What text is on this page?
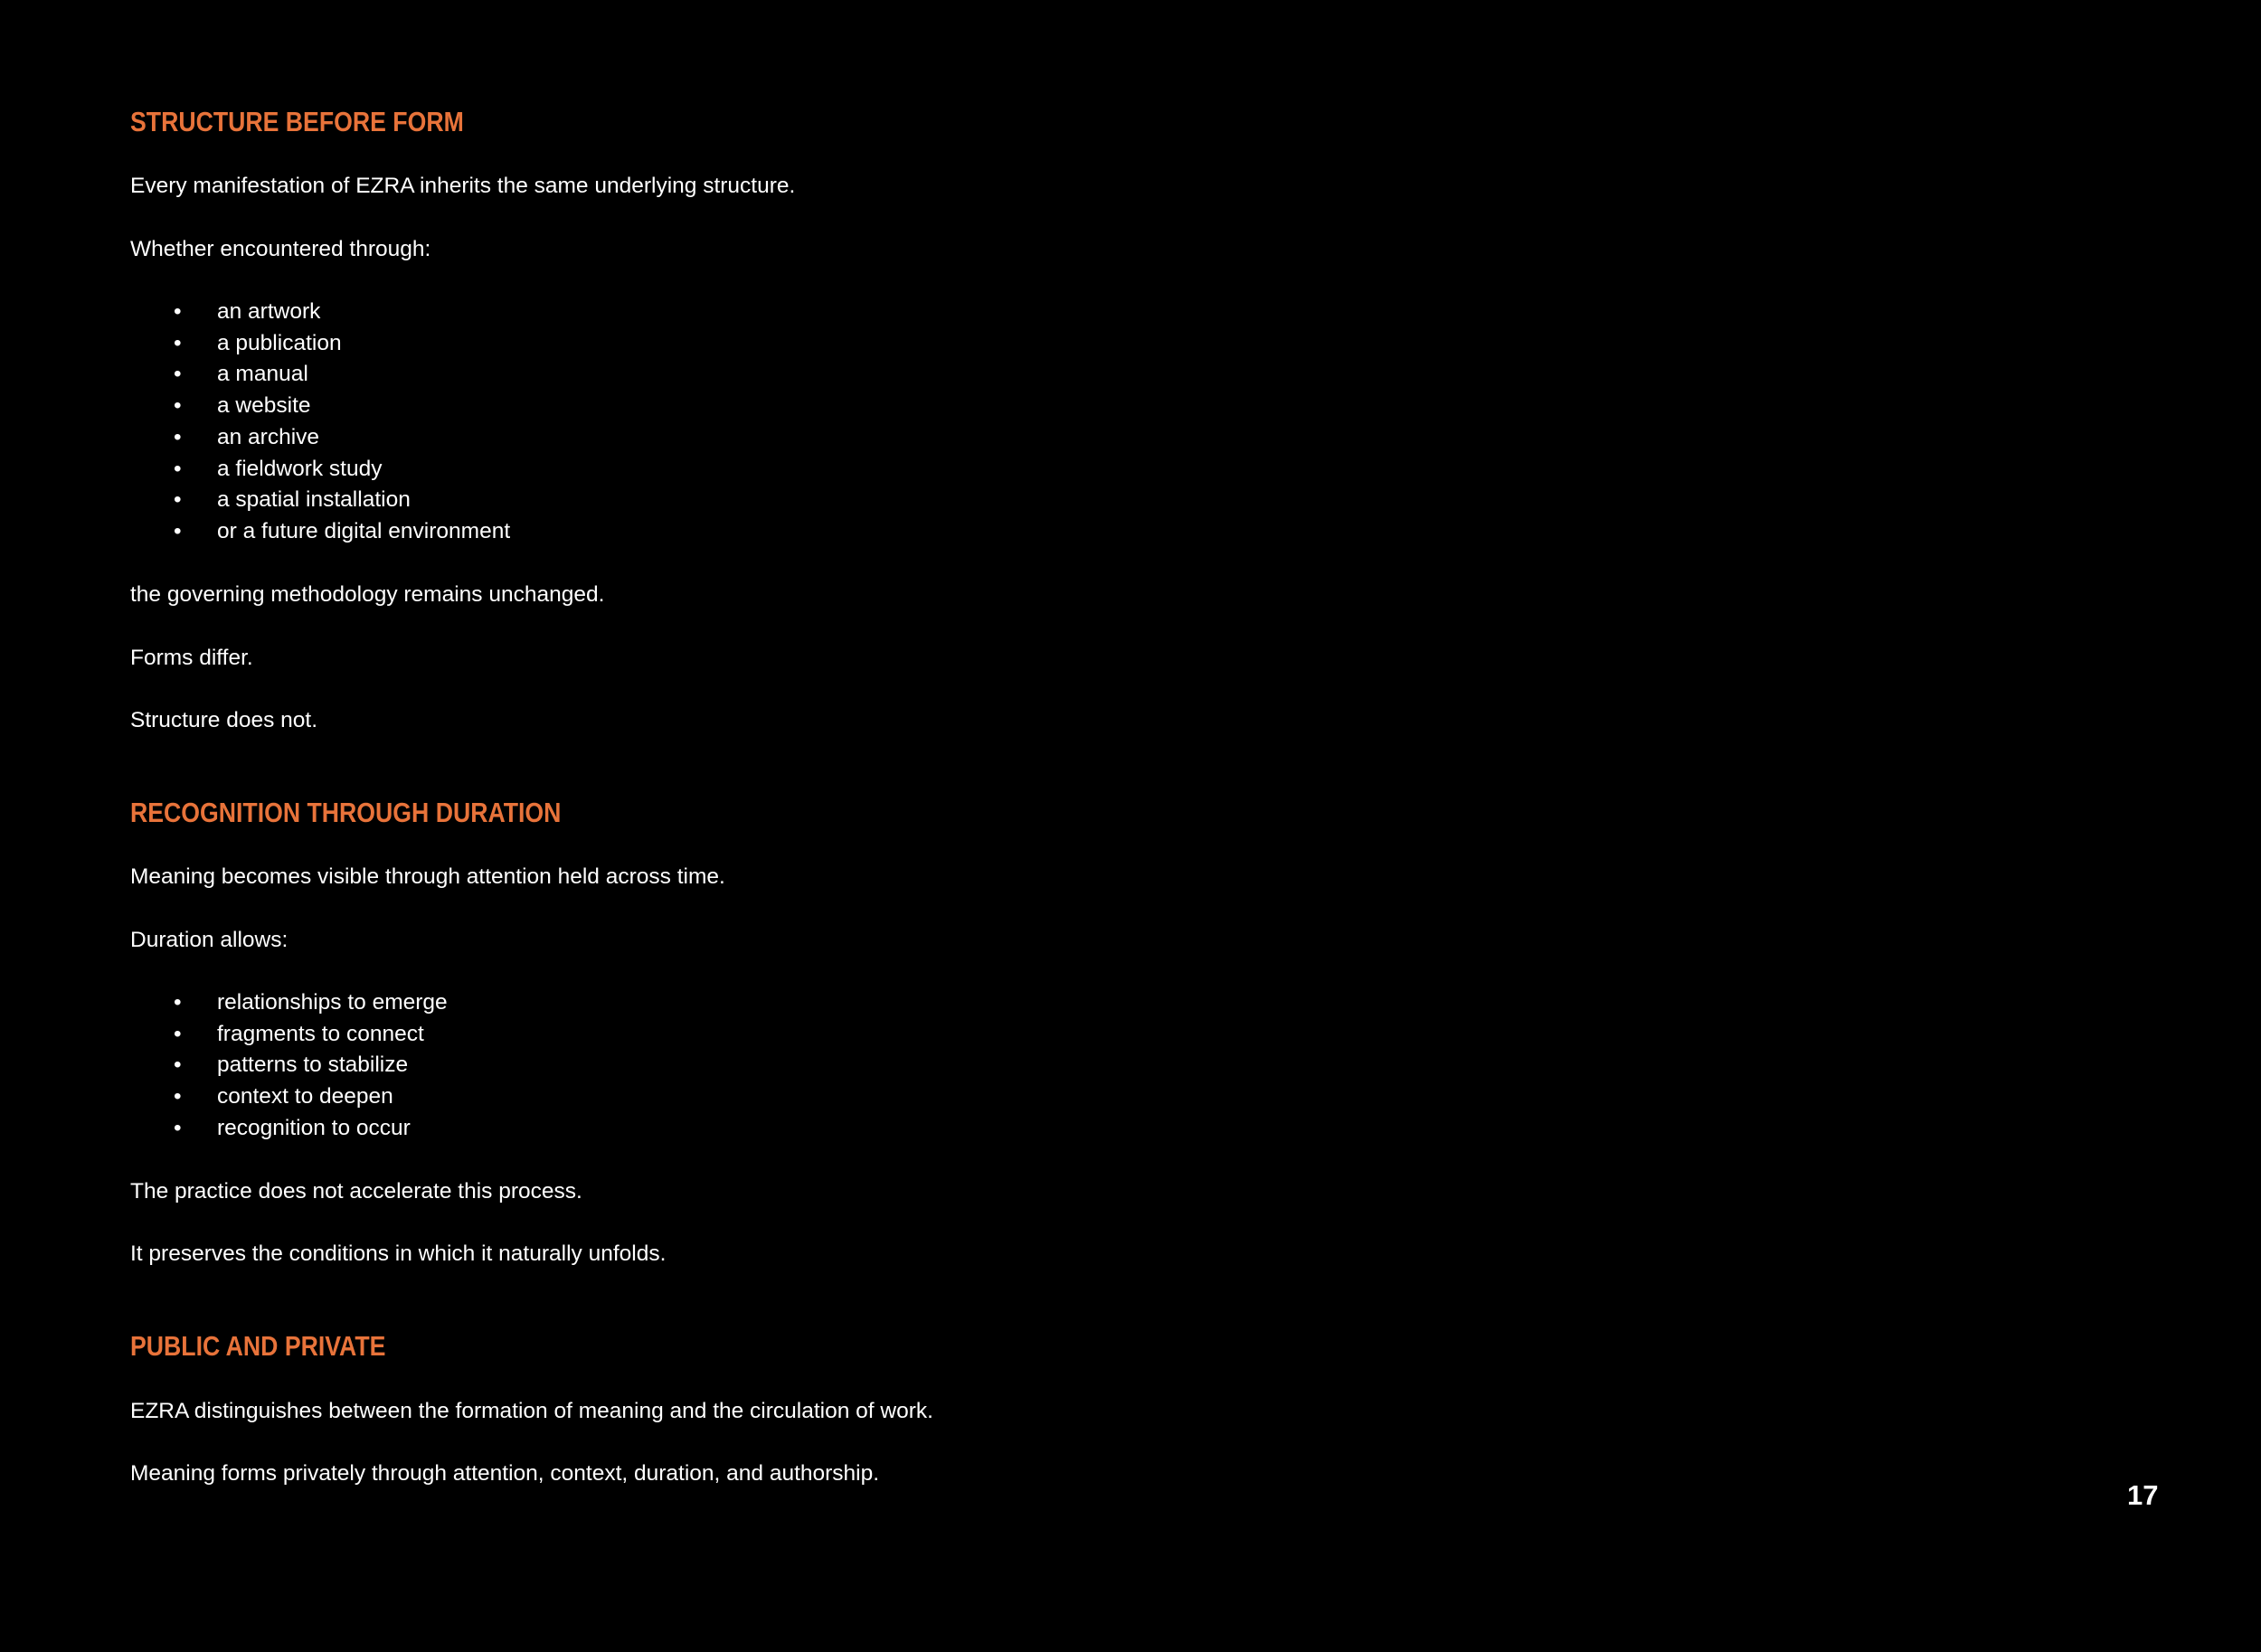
STRUCTURE BEFORE FORM

Every manifestation of EZRA inherits the same underlying structure.

Whether encountered through:

• an artwork
• a publication
• a manual
• a website
• an archive
• a fieldwork study
• a spatial installation
• or a future digital environment

the governing methodology remains unchanged.

Forms differ.

Structure does not.

RECOGNITION THROUGH DURATION

Meaning becomes visible through attention held across time.

Duration allows:

• relationships to emerge
• fragments to connect
• patterns to stabilize
• context to deepen
• recognition to occur

The practice does not accelerate this process.

It preserves the conditions in which it naturally unfolds.

PUBLIC AND PRIVATE

EZRA distinguishes between the formation of meaning and the circulation of work.

Meaning forms privately through attention, context, duration, and authorship.

17
